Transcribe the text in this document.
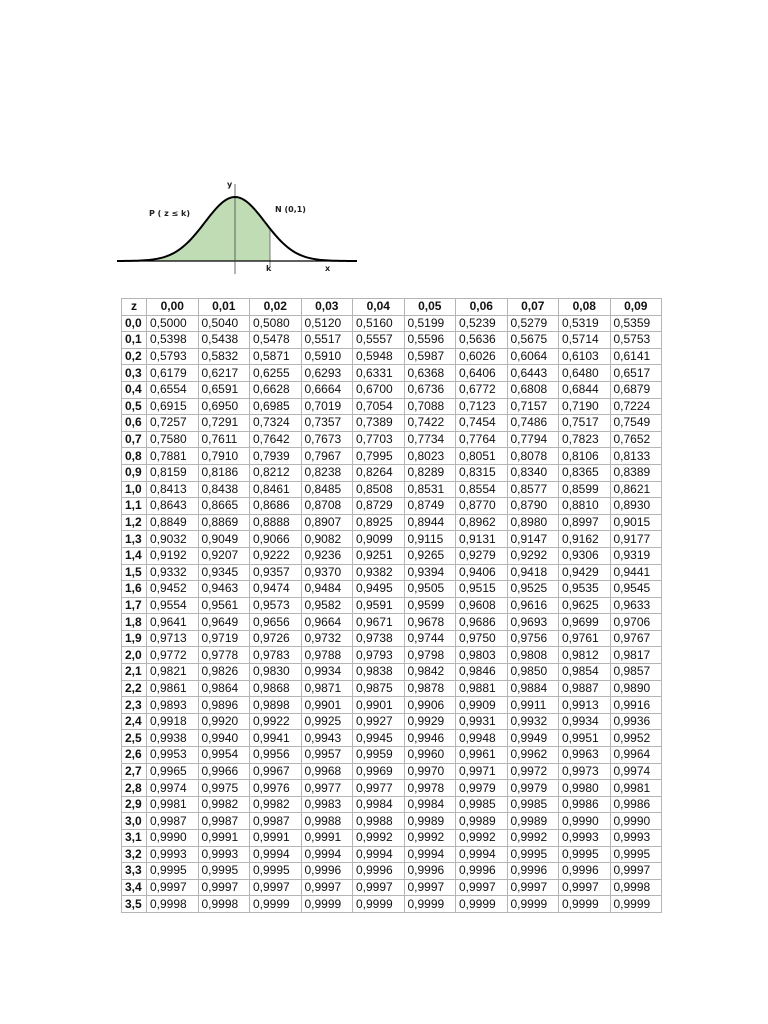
y
x
k
P ( z ≤ k)	N (0,1)
z	0,00	0,01	0,02	0,03	0,04	0,05	0,06	0,07	0,08	0,09
0,0	0,5000	0,5040	0,5080	0,5120	0,5160	0,5199	0,5239	0,5279	0,5319	0,5359
0,1	0,5398	0,5438	0,5478	0,5517	0,5557	0,5596	0,5636	0,5675	0,5714	0,5753
0,2	0,5793	0,5832	0,5871	0,5910	0,5948	0,5987	0,6026	0,6064	0,6103	0,6141
0,3	0,6179	0,6217	0,6255	0,6293	0,6331	0,6368	0,6406	0,6443	0,6480	0,6517
0,4	0,6554	0,6591	0,6628	0,6664	0,6700	0,6736	0,6772	0,6808	0,6844	0,6879
0,5	0,6915	0,6950	0,6985	0,7019	0,7054	0,7088	0,7123	0,7157	0,7190	0,7224
0,6	0,7257	0,7291	0,7324	0,7357	0,7389	0,7422	0,7454	0,7486	0,7517	0,7549
0,7	0,7580	0,7611	0,7642	0,7673	0,7703	0,7734	0,7764	0,7794	0,7823	0,7652
0,8	0,7881	0,7910	0,7939	0,7967	0,7995	0,8023	0,8051	0,8078	0,8106	0,8133
0,9	0,8159	0,8186	0,8212	0,8238	0,8264	0,8289	0,8315	0,8340	0,8365	0,8389
1,0	0,8413	0,8438	0,8461	0,8485	0,8508	0,8531	0,8554	0,8577	0,8599	0,8621
1,1	0,8643	0,8665	0,8686	0,8708	0,8729	0,8749	0,8770	0,8790	0,8810	0,8930
1,2	0,8849	0,8869	0,8888	0,8907	0,8925	0,8944	0,8962	0,8980	0,8997	0,9015
1,3	0,9032	0,9049	0,9066	0,9082	0,9099	0,9115	0,9131	0,9147	0,9162	0,9177
1,4	0,9192	0,9207	0,9222	0,9236	0,9251	0,9265	0,9279	0,9292	0,9306	0,9319
1,5	0,9332	0,9345	0,9357	0,9370	0,9382	0,9394	0,9406	0,9418	0,9429	0,9441
1,6	0,9452	0,9463	0,9474	0,9484	0,9495	0,9505	0,9515	0,9525	0,9535	0,9545
1,7	0,9554	0,9561	0,9573	0,9582	0,9591	0,9599	0,9608	0,9616	0,9625	0,9633
1,8	0,9641	0,9649	0,9656	0,9664	0,9671	0,9678	0,9686	0,9693	0,9699	0,9706
1,9	0,9713	0,9719	0,9726	0,9732	0,9738	0,9744	0,9750	0,9756	0,9761	0,9767
2,0	0,9772	0,9778	0,9783	0,9788	0,9793	0,9798	0,9803	0,9808	0,9812	0,9817
2,1	0,9821	0,9826	0,9830	0,9934	0,9838	0,9842	0,9846	0,9850	0,9854	0,9857
2,2	0,9861	0,9864	0,9868	0,9871	0,9875	0,9878	0,9881	0,9884	0,9887	0,9890
2,3	0,9893	0,9896	0,9898	0,9901	0,9901	0,9906	0,9909	0,9911	0,9913	0,9916
2,4	0,9918	0,9920	0,9922	0,9925	0,9927	0,9929	0,9931	0,9932	0,9934	0,9936
2,5	0,9938	0,9940	0,9941	0,9943	0,9945	0,9946	0,9948	0,9949	0,9951	0,9952
2,6	0,9953	0,9954	0,9956	0,9957	0,9959	0,9960	0,9961	0,9962	0,9963	0,9964
2,7	0,9965	0,9966	0,9967	0,9968	0,9969	0,9970	0,9971	0,9972	0,9973	0,9974
2,8	0,9974	0,9975	0,9976	0,9977	0,9977	0,9978	0,9979	0,9979	0,9980	0,9981
2,9	0,9981	0,9982	0,9982	0,9983	0,9984	0,9984	0,9985	0,9985	0,9986	0,9986
3,0	0,9987	0,9987	0,9987	0,9988	0,9988	0,9989	0,9989	0,9989	0,9990	0,9990
3,1	0,9990	0,9991	0,9991	0,9991	0,9992	0,9992	0,9992	0,9992	0,9993	0,9993
3,2	0,9993	0,9993	0,9994	0,9994	0,9994	0,9994	0,9994	0,9995	0,9995	0,9995
3,3	0,9995	0,9995	0,9995	0,9996	0,9996	0,9996	0,9996	0,9996	0,9996	0,9997
3,4	0,9997	0,9997	0,9997	0,9997	0,9997	0,9997	0,9997	0,9997	0,9997	0,9998
3,5	0,9998	0,9998	0,9999	0,9999	0,9999	0,9999	0,9999	0,9999	0,9999	0,9999
